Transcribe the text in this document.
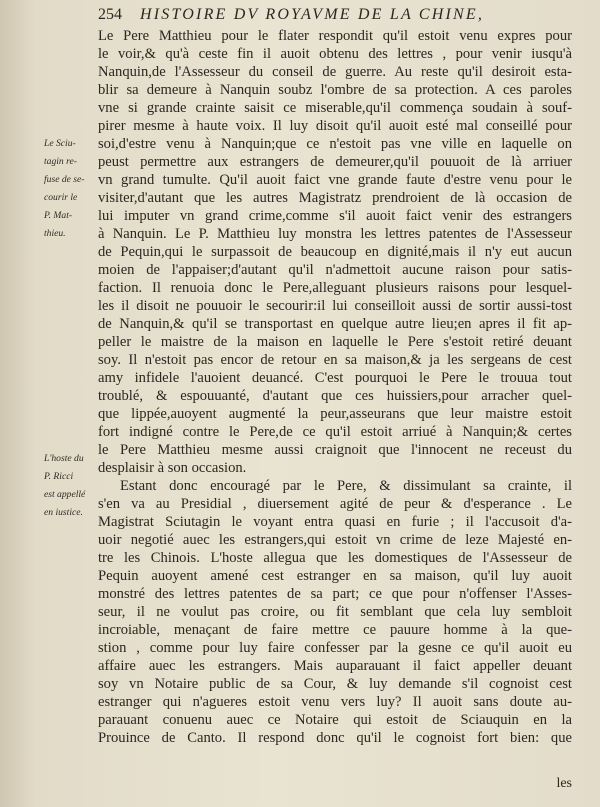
254 HISTOIRE DV ROYAVME DE LA CHINE,
Le Sciu-
tagin re-
fuse de se-
courir le
P. Mat-
thieu.
L'hoste du
P. Ricci
est appellé
en iustice.
Le Pere Matthieu pour le flater respondit qu'il estoit venu expres pour
le voir,& qu'à ceste fin il auoit obtenu des lettres , pour venir iusqu'à
Nanquin,de l'Assesseur du conseil de guerre. Au reste qu'il desiroit esta-
blir sa demeure à Nanquin soubz l'ombre de sa protection. A ces paroles
vne si grande crainte saisit ce miserable,qu'il commença soudain à souf-
pirer mesme à haute voix. Il luy disoit qu'il auoit esté mal conseillé pour
soi,d'estre venu à Nanquin;que ce n'estoit pas vne ville en laquelle on
peust permettre aux estrangers de demeurer,qu'il pouuoit de là arriuer
vn grand tumulte. Qu'il auoit faict vne grande faute d'estre venu pour le
visiter,d'autant que les autres Magistratz prendroient de là occasion de
lui imputer vn grand crime,comme s'il auoit faict venir des estrangers
à Nanquin. Le P. Matthieu luy monstra les lettres patentes de l'Assesseur
de Pequin,qui le surpassoit de beaucoup en dignité,mais il n'y eut aucun
moien de l'appaiser;d'autant qu'il n'admettoit aucune raison pour satis-
faction. Il renuoia donc le Pere,alleguant plusieurs raisons pour lesquel-
les il disoit ne pouuoir le secourir:il lui conseilloit aussi de sortir aussi-tost
de Nanquin,& qu'il se transportast en quelque autre lieu;en apres il fit ap-
peller le maistre de la maison en laquelle le Pere s'estoit retiré deuant
soy. Il n'estoit pas encor de retour en sa maison,& ja les sergeans de cest
amy infidele l'auoient deuancé. C'est pourquoi le Pere le trouua tout
troublé, & espouuanté, d'autant que ces huissiers,pour arracher quel-
que lippée,auoyent augmenté la peur,asseurans que leur maistre estoit
fort indigné contre le Pere,de ce qu'il estoit arriué à Nanquin;& certes
le Pere Matthieu mesme aussi craignoit que l'innocent ne receust du
desplaisir à son occasion.
Estant donc encouragé par le Pere, & dissimulant sa crainte, il
s'en va au Presidial , diuersement agité de peur & d'esperance . Le
Magistrat Sciutagin le voyant entra quasi en furie ; il l'accusoit d'a-
uoir negotié auec les estrangers,qui estoit vn crime de leze Majesté en-
tre les Chinois. L'hoste allegua que les domestiques de l'Assesseur de
Pequin auoyent amené cest estranger en sa maison, qu'il luy auoit
monstré des lettres patentes de sa part; ce que pour n'offenser l'Asses-
seur, il ne voulut pas croire, ou fit semblant que cela luy sembloit
incroiable, menaçant de faire mettre ce pauure homme à la que-
stion , comme pour luy faire confesser par la gesne ce qu'il auoit eu
affaire auec les estrangers. Mais auparauant il faict appeller deuant
soy vn Notaire public de sa Cour, & luy demande s'il cognoist cest
estranger qui n'agueres estoit venu vers luy? Il auoit sans doute au-
parauant conuenu auec ce Notaire qui estoit de Sciauquin en la
Prouince de Canto. Il respond donc qu'il le cognoist fort bien: que
les
